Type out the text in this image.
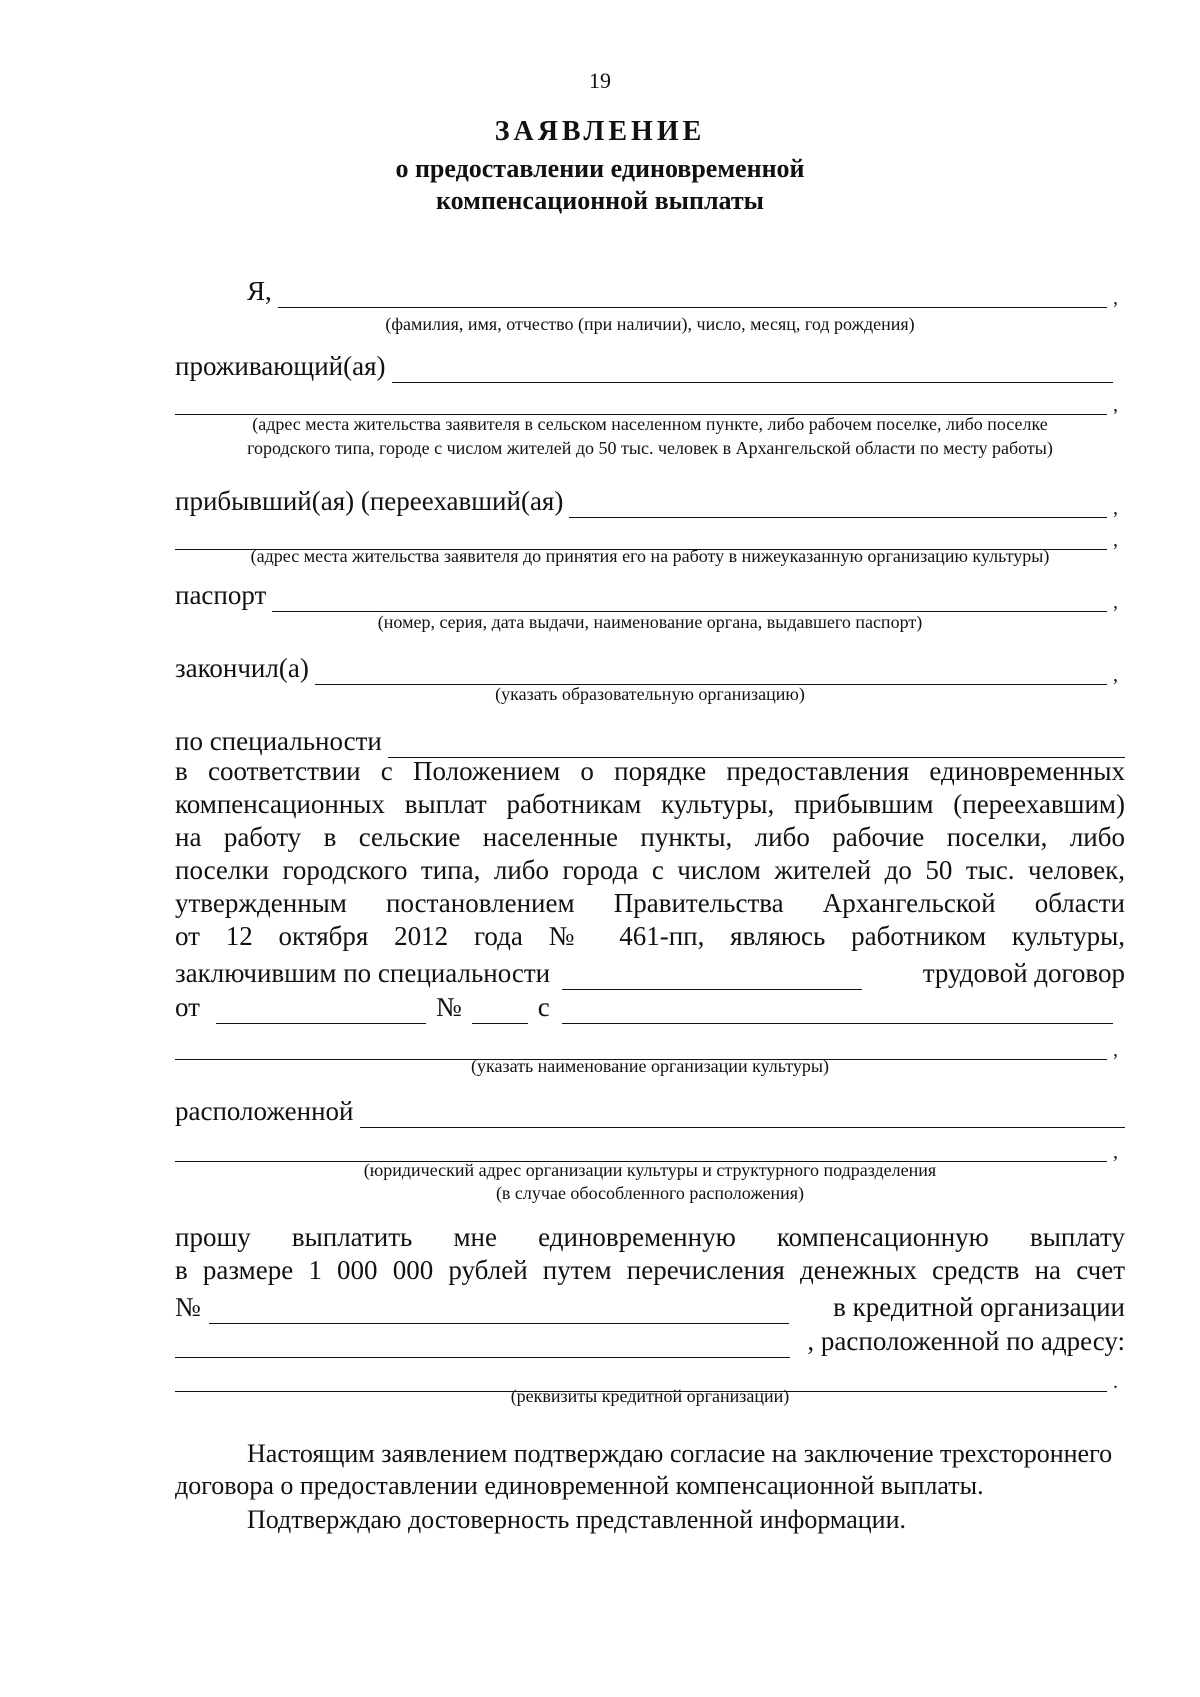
19
ЗАЯВЛЕНИЕ
о предоставлении единовременной
компенсационной выплаты
Я,	,
(фамилия, имя, отчество (при наличии), число, месяц, год рождения)
проживающий(ая)
,
(адрес места жительства заявителя в сельском населенном пункте, либо рабочем поселке, либо поселке
городского типа, городе с числом жителей до 50 тыс. человек в Архангельской области по месту работы)
прибывший(ая) (переехавший(ая)	,
,
(адрес места жительства заявителя до принятия его на работу в нижеуказанную организацию культуры)
паспорт	,
(номер, серия, дата выдачи, наименование органа, выдавшего паспорт)
закончил(а)	,
(указать образовательную организацию)
по специальности
в соответствии с Положением о порядке предоставления единовременных
компенсационных выплат работникам культуры, прибывшим (переехавшим)
на работу в сельские населенные пункты, либо рабочие поселки, либо
поселки городского типа, либо города с числом жителей до 50 тыс. человек,
утвержденным постановлением Правительства Архангельской области
от 12 октября 2012 года № 461-пп, являюсь работником культуры,
заключившим по специальности	трудовой договор
от	№	с
,
(указать наименование организации культуры)
расположенной
,
(юридический адрес организации культуры и структурного подразделения
(в случае обособленного расположения)
прошу выплатить мне единовременную компенсационную выплату
в размере 1 000 000 рублей путем перечисления денежных средств на счет
№	в кредитной организации
, расположенной по адресу:
.
(реквизиты кредитной организации)
Настоящим заявлением подтверждаю согласие на заключение трехстороннего договора о предоставлении единовременной компенсационной выплаты.
Подтверждаю достоверность представленной информации.
